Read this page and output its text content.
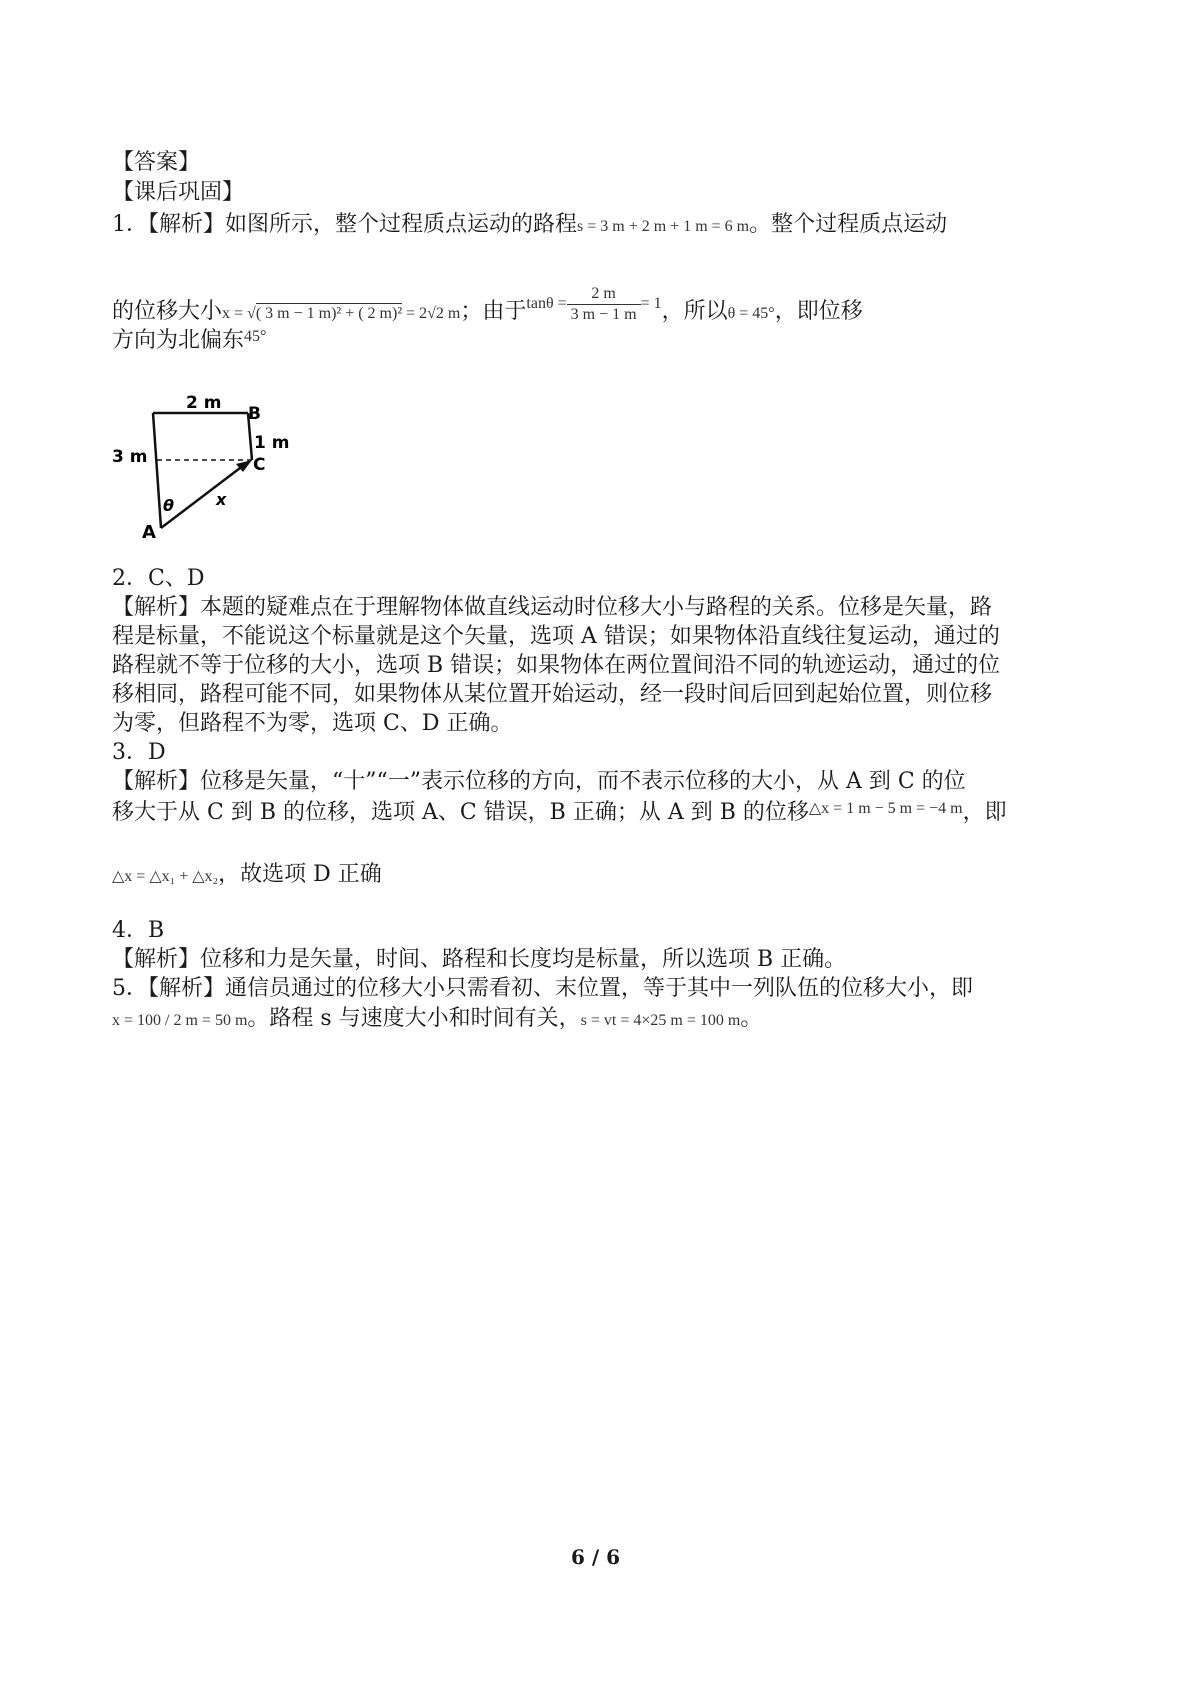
【答案】
【课后巩固】
1．【解析】如图所示，整个过程质点运动的路程s = 3 m + 2 m + 1 m = 6 m。整个过程质点运动
的位移大小x = √( 3 m − 1 m)² + ( 2 m)² = 2√2 m；由于$^{tan\theta = \frac{2 m}{3 m - 1 m} = 1}$，所以θ = 45°，即位移
方向为北偏东$^{45^\circ}$
2 m
B
1 m
3 m	C
θ	x
A
2．C、D
【解析】本题的疑难点在于理解物体做直线运动时位移大小与路程的关系。位移是矢量，路
程是标量，不能说这个标量就是这个矢量，选项 A 错误；如果物体沿直线往复运动，通过的
路程就不等于位移的大小，选项 B 错误；如果物体在两位置间沿不同的轨迹运动，通过的位
移相同，路程可能不同，如果物体从某位置开始运动，经一段时间后回到起始位置，则位移
为零，但路程不为零，选项 C、D 正确。
3．D
【解析】位移是矢量，“十”“一”表示位移的方向，而不表示位移的大小，从 A 到 C 的位
移大于从 C 到 B 的位移，选项 A、C 错误，B 正确；从 A 到 B 的位移$^{\triangle x = 1 m - 5 m = -4 m}$，即
△x = △x₁ + △x₂，故选项 D 正确
4．B
【解析】位移和力是矢量，时间、路程和长度均是标量，所以选项 B 正确。
5．【解析】通信员通过的位移大小只需看初、末位置，等于其中一列队伍的位移大小，即
x = 100 / 2 m = 50 m。路程 s 与速度大小和时间有关，s = vt = 4×25 m = 100 m。
6 / 6
